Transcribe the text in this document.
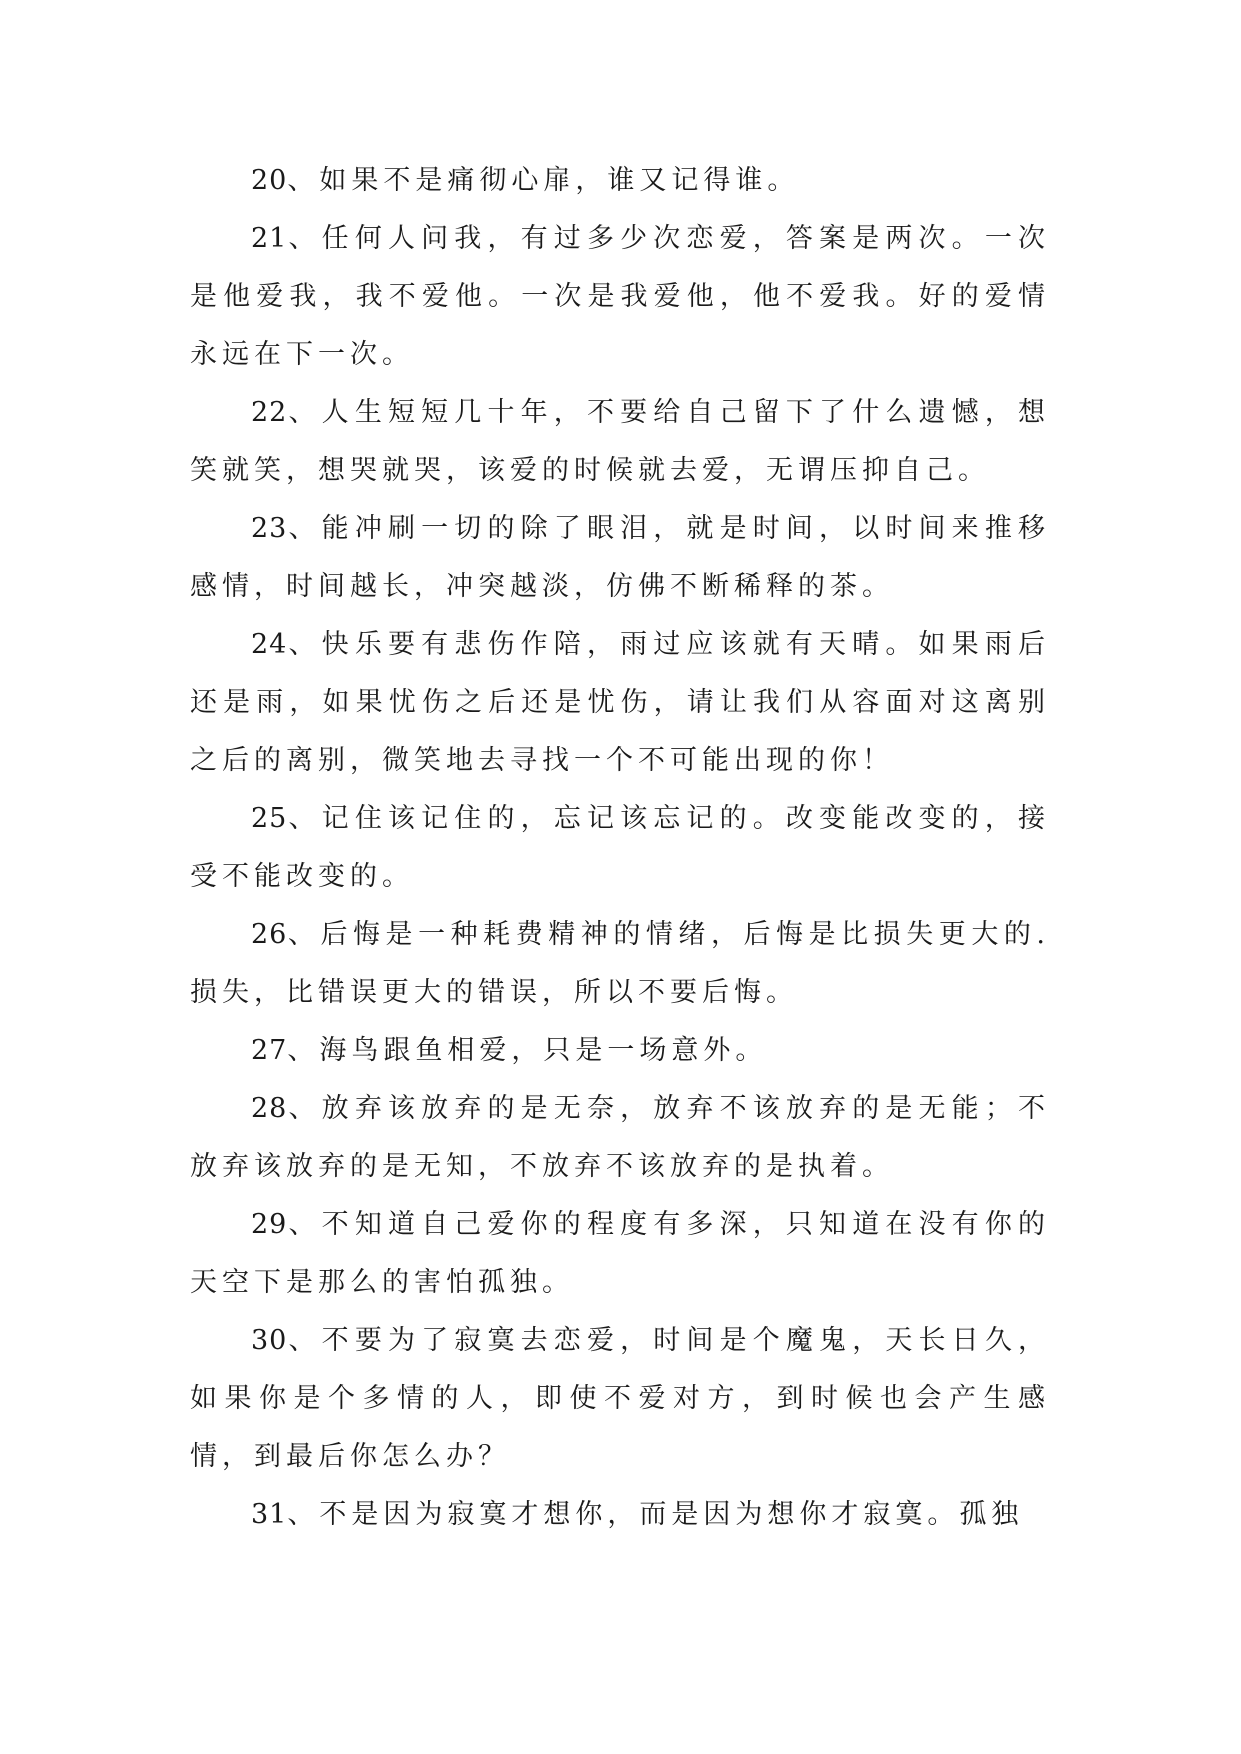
20、如果不是痛彻心扉，谁又记得谁。

21、任何人问我，有过多少次恋爱，答案是两次。一次是他爱我，我不爱他。一次是我爱他，他不爱我。好的爱情永远在下一次。

22、人生短短几十年，不要给自己留下了什么遗憾，想笑就笑，想哭就哭，该爱的时候就去爱，无谓压抑自己。

23、能冲刷一切的除了眼泪，就是时间，以时间来推移感情，时间越长，冲突越淡，仿佛不断稀释的茶。

24、快乐要有悲伤作陪，雨过应该就有天晴。如果雨后还是雨，如果忧伤之后还是忧伤，请让我们从容面对这离别之后的离别，微笑地去寻找一个不可能出现的你！

25、记住该记住的，忘记该忘记的。改变能改变的，接受不能改变的。

26、后悔是一种耗费精神的情绪，后悔是比损失更大的.损失，比错误更大的错误，所以不要后悔。

27、海鸟跟鱼相爱，只是一场意外。

28、放弃该放弃的是无奈，放弃不该放弃的是无能；不放弃该放弃的是无知，不放弃不该放弃的是执着。

29、不知道自己爱你的程度有多深，只知道在没有你的天空下是那么的害怕孤独。

30、不要为了寂寞去恋爱，时间是个魔鬼，天长日久，如果你是个多情的人，即使不爱对方，到时候也会产生感情，到最后你怎么办？

31、不是因为寂寞才想你，而是因为想你才寂寞。孤独
